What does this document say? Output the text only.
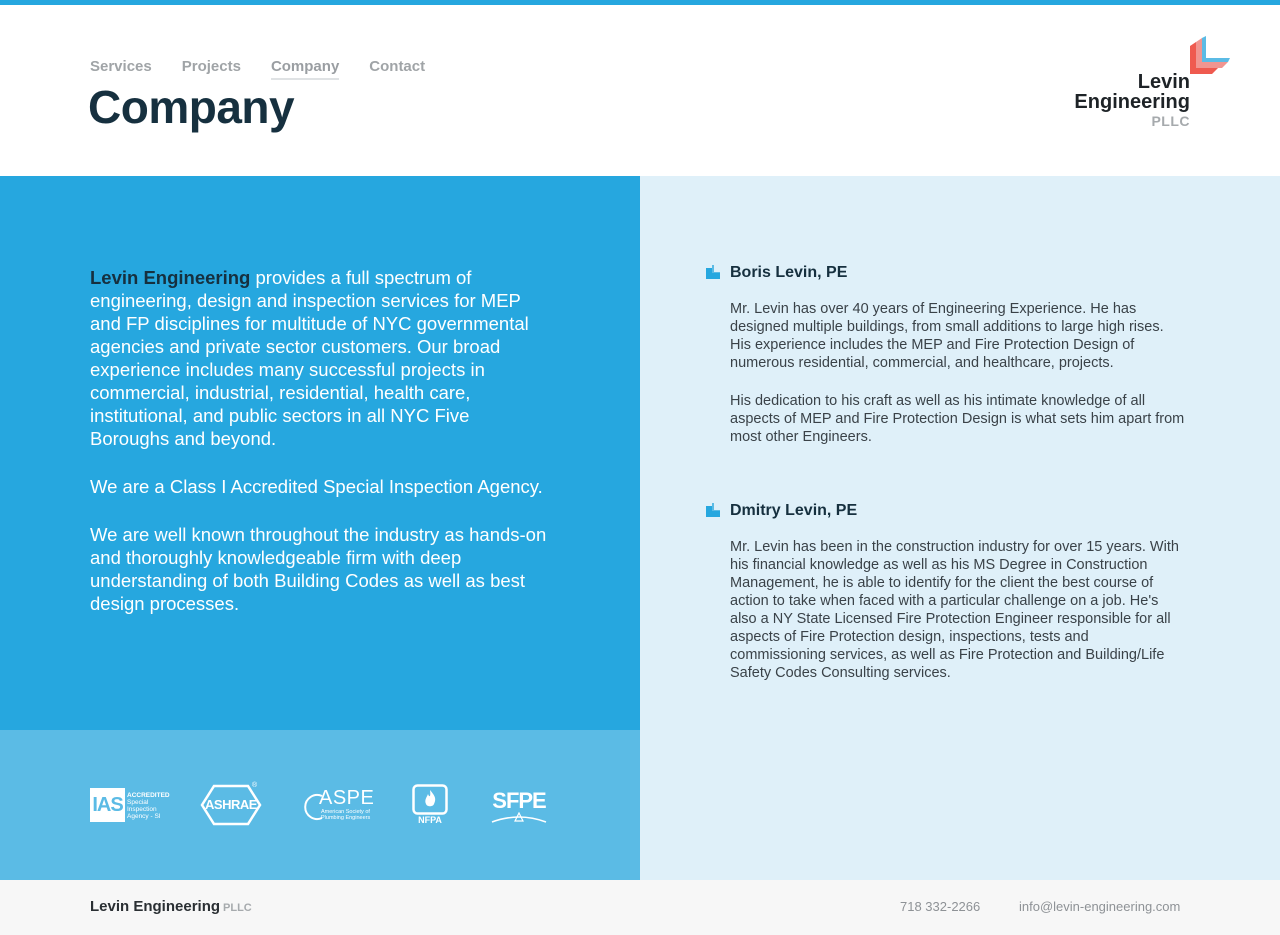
Services Projects Company Contact
Company	Levin
Engineering
PLLC

Levin Engineering provides a full spectrum of engineering, design and inspection services for MEP and FP disciplines for multitude of NYC governmental agencies and private sector customers. Our broad experience includes many successful projects in commercial, industrial, residential, health care, institutional, and public sectors in all NYC Five Boroughs and beyond.

We are a Class I Accredited Special Inspection Agency.

We are well known throughout the industry as hands-on and thoroughly knowledgeable firm with deep understanding of both Building Codes as well as best design processes.

IAS ACCREDITED
Special Inspection
Agency - SI
ASHRAE
®
ASPE
American Society of
Plumbing Engineers	NFPA
SFPE
Boris Levin, PE

Mr. Levin has over 40 years of Engineering Experience. He has designed multiple buildings, from small additions to large high rises. His experience includes the MEP and Fire Protection Design of numerous residential, commercial, and healthcare, projects.

His dedication to his craft as well as his intimate knowledge of all aspects of MEP and Fire Protection Design is what sets him apart from most other Engineers.

Dmitry Levin, PE

Mr. Levin has been in the construction industry for over 15 years. With his financial knowledge as well as his MS Degree in Construction Management, he is able to identify for the client the best course of action to take when faced with a particular challenge on a job. He's also a NY State Licensed Fire Protection Engineer responsible for all aspects of Fire Protection design, inspections, tests and commissioning services, as well as Fire Protection and Building/Life Safety Codes Consulting services.

Levin Engineering PLLC	718 332-2266	info@levin-engineering.com
